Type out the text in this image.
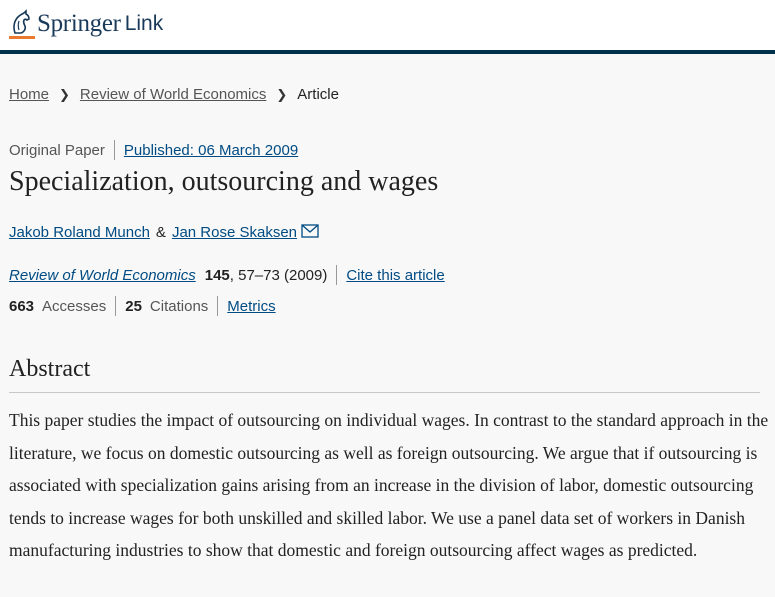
Springer Link
Home ❯ Review of World Economics ❯ Article
Original Paper Published: 06 March 2009
Specialization, outsourcing and wages
Jakob Roland Munch & Jan Rose Skaksen
Review of World Economics 145 , 57–73 (2009) Cite this article
663 Accesses 25 Citations Metrics
Abstract

This paper studies the impact of outsourcing on individual wages. In contrast to the standard approach in the literature, we focus on domestic outsourcing as well as foreign outsourcing. We argue that if outsourcing is associated with specialization gains arising from an increase in the division of labor, domestic outsourcing tends to increase wages for both unskilled and skilled labor. We use a panel data set of workers in Danish manufacturing industries to show that domestic and foreign outsourcing affect wages as predicted.
